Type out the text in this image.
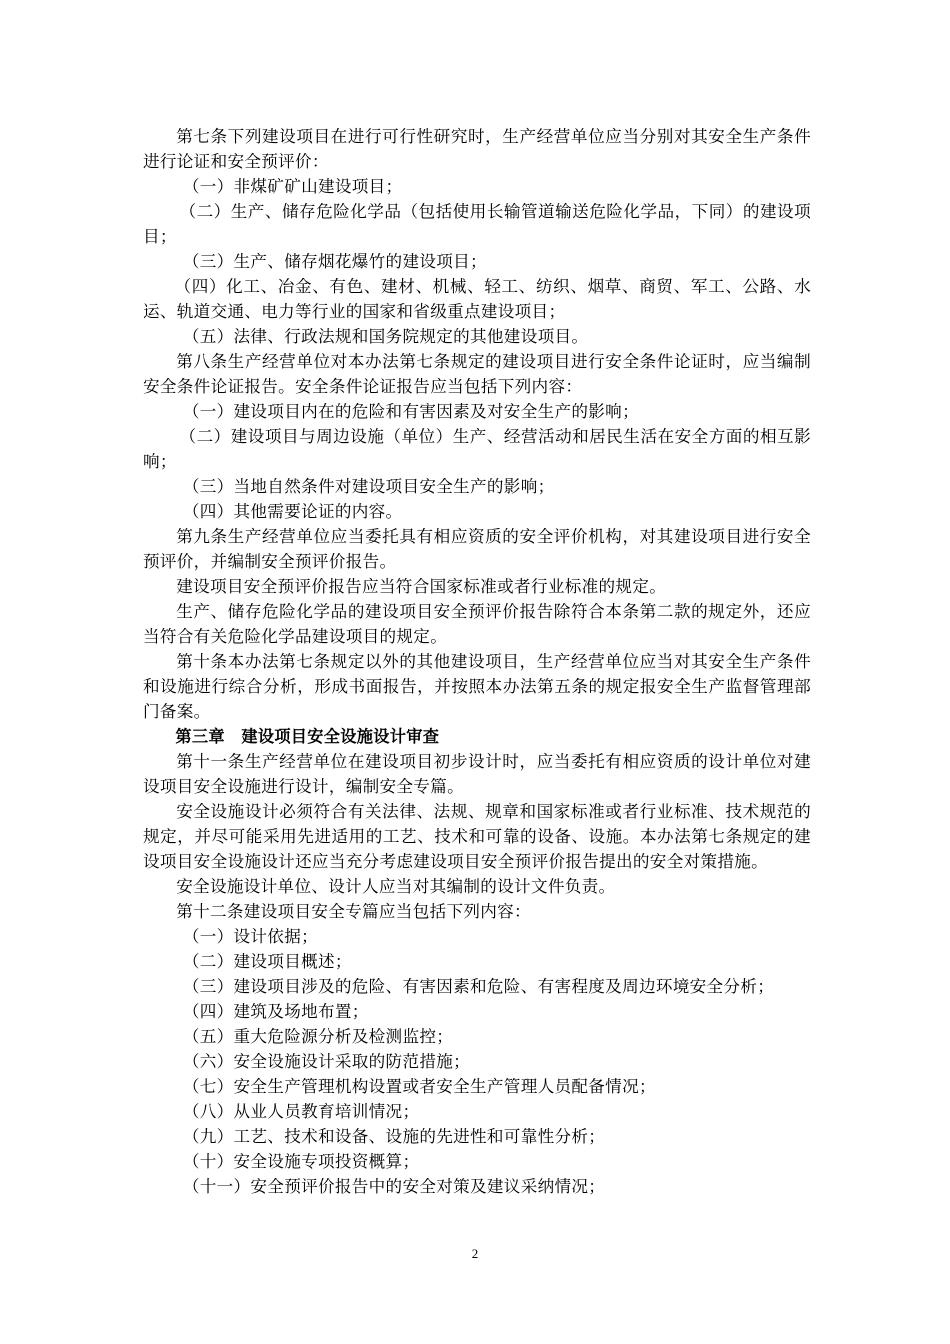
第七条下列建设项目在进行可行性研究时，生产经营单位应当分别对其安全生产条件进行论证和安全预评价：

（一）非煤矿矿山建设项目；

（二）生产、储存危险化学品（包括使用长输管道输送危险化学品，下同）的建设项目；

（三）生产、储存烟花爆竹的建设项目；

（四）化工、冶金、有色、建材、机械、轻工、纺织、烟草、商贸、军工、公路、水运、轨道交通、电力等行业的国家和省级重点建设项目；

（五）法律、行政法规和国务院规定的其他建设项目。

第八条生产经营单位对本办法第七条规定的建设项目进行安全条件论证时，应当编制安全条件论证报告。安全条件论证报告应当包括下列内容：

（一）建设项目内在的危险和有害因素及对安全生产的影响；

（二）建设项目与周边设施（单位）生产、经营活动和居民生活在安全方面的相互影响；

（三）当地自然条件对建设项目安全生产的影响；

（四）其他需要论证的内容。

第九条生产经营单位应当委托具有相应资质的安全评价机构，对其建设项目进行安全预评价，并编制安全预评价报告。

建设项目安全预评价报告应当符合国家标准或者行业标准的规定。

生产、储存危险化学品的建设项目安全预评价报告除符合本条第二款的规定外，还应当符合有关危险化学品建设项目的规定。

第十条本办法第七条规定以外的其他建设项目，生产经营单位应当对其安全生产条件和设施进行综合分析，形成书面报告，并按照本办法第五条的规定报安全生产监督管理部门备案。

第三章　建设项目安全设施设计审查

第十一条生产经营单位在建设项目初步设计时，应当委托有相应资质的设计单位对建设项目安全设施进行设计，编制安全专篇。

安全设施设计必须符合有关法律、法规、规章和国家标准或者行业标准、技术规范的规定，并尽可能采用先进适用的工艺、技术和可靠的设备、设施。本办法第七条规定的建设项目安全设施设计还应当充分考虑建设项目安全预评价报告提出的安全对策措施。

安全设施设计单位、设计人应当对其编制的设计文件负责。

第十二条建设项目安全专篇应当包括下列内容：

（一）设计依据；

（二）建设项目概述；

（三）建设项目涉及的危险、有害因素和危险、有害程度及周边环境安全分析；

（四）建筑及场地布置；

（五）重大危险源分析及检测监控；

（六）安全设施设计采取的防范措施；

（七）安全生产管理机构设置或者安全生产管理人员配备情况；

（八）从业人员教育培训情况；

（九）工艺、技术和设备、设施的先进性和可靠性分析；

（十）安全设施专项投资概算；

（十一）安全预评价报告中的安全对策及建议采纳情况；

2
